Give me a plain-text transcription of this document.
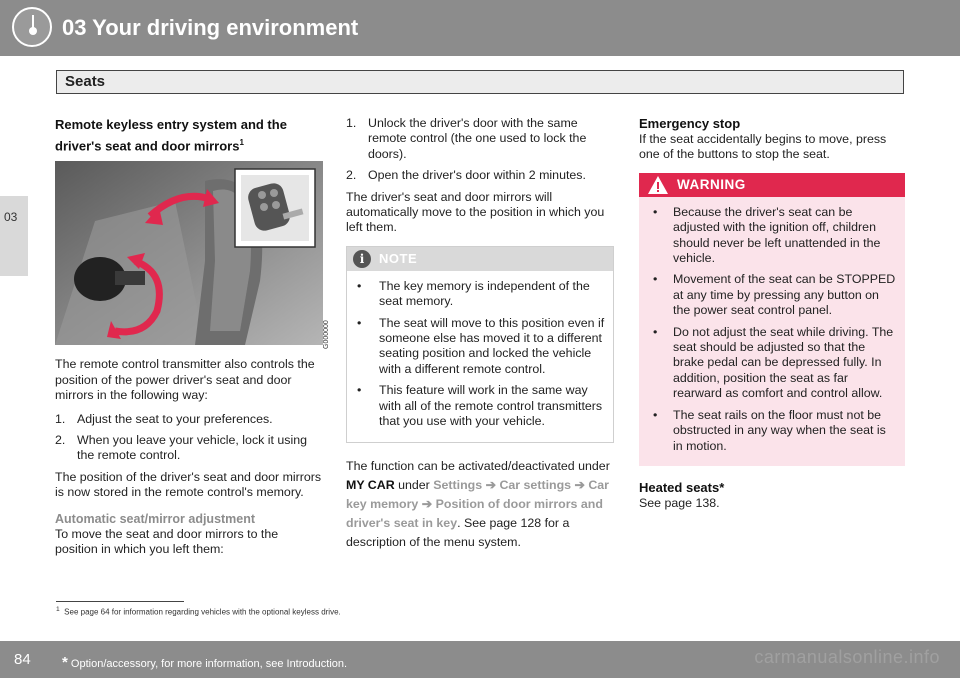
03 Your driving environment
Seats
03
Remote keyless entry system and the driver's seat and door mirrors$^1$
G000000

The remote control transmitter also controls the position of the power driver's seat and door mirrors in the following way:

1. Adjust the seat to your preferences.
2. When you leave your vehicle, lock it using the remote control.

The position of the driver's seat and door mirrors is now stored in the remote control's memory.

Automatic seat/mirror adjustment

To move the seat and door mirrors to the position in which you left them:

1. Unlock the driver's door with the same remote control (the one used to lock the doors).
2. Open the driver's door within 2 minutes.

The driver's seat and door mirrors will automatically move to the position in which you left them.

i	NOTE
• The key memory is independent of the seat memory.
• The seat will move to this position even if someone else has moved it to a different seating position and locked the vehicle with a different remote control.
• This feature will work in the same way with all of the remote control transmitters that you use with your vehicle.

The function can be activated/deactivated under MY CAR under Settings ➔ Car settings ➔ Car key memory ➔ Position of door mirrors and driver's seat in key. See page 128 for a description of the menu system.

Emergency stop

If the seat accidentally begins to move, press one of the buttons to stop the seat.

WARNING
• Because the driver's seat can be adjusted with the ignition off, children should never be left unattended in the vehicle.
• Movement of the seat can be STOPPED at any time by pressing any button on the power seat control panel.
• Do not adjust the seat while driving. The seat should be adjusted so that the brake pedal can be depressed fully. In addition, position the seat as far rearward as comfort and control allow.
• The seat rails on the floor must not be obstructed in any way when the seat is in motion.
Heated seats*

See page 138.

$^1$ See page 64 for information regarding vehicles with the optional keyless drive.
84 * Option/accessory, for more information, see Introduction.	carmanualsonline.info
